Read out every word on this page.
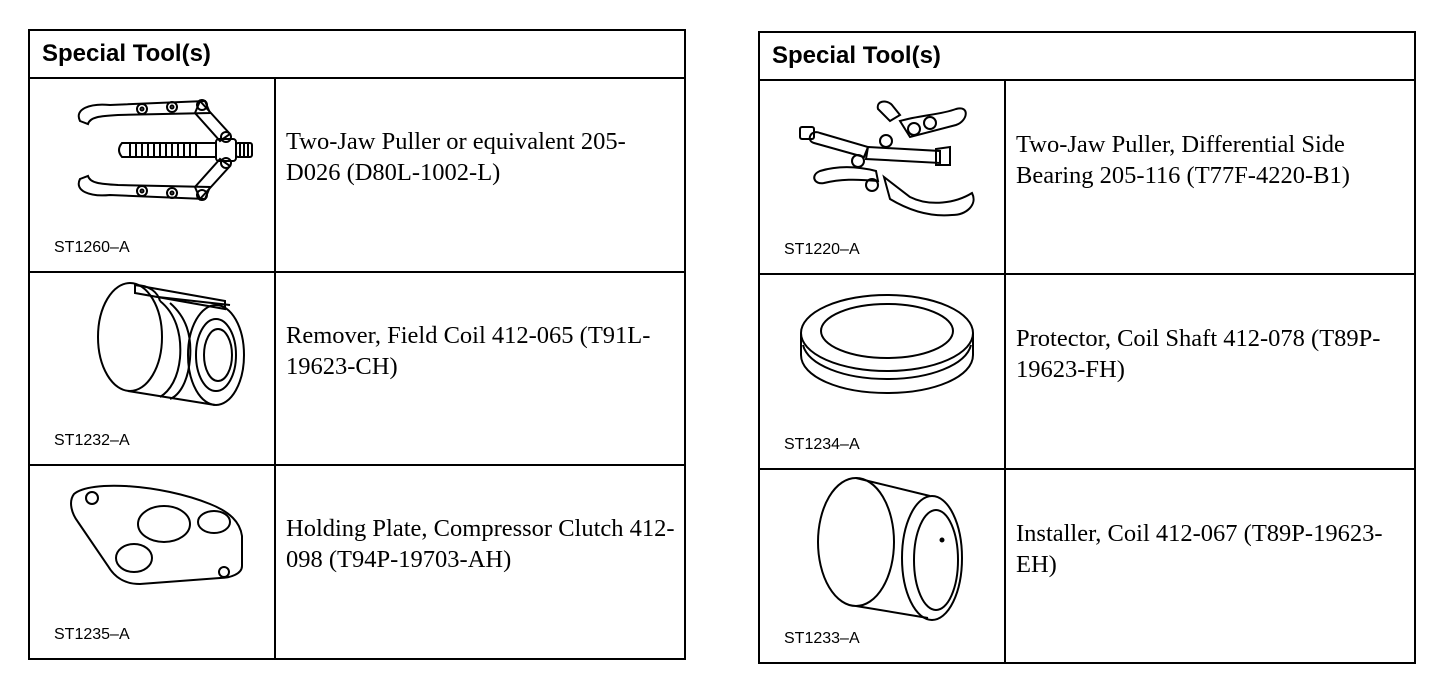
Special Tool(s)
ST1260–A
Two-Jaw Puller or equivalent 205-D026 (D80L-1002-L)
ST1232–A
Remover, Field Coil 412-065 (T91L-19623-CH)
ST1235–A
Holding Plate, Compressor Clutch 412-098 (T94P-19703-AH)
Special Tool(s)
ST1220–A
Two-Jaw Puller, Differential Side Bearing 205-116 (T77F-4220-B1)
ST1234–A
Protector, Coil Shaft 412-078 (T89P-19623-FH)
ST1233–A
Installer, Coil 412-067 (T89P-19623-EH)
